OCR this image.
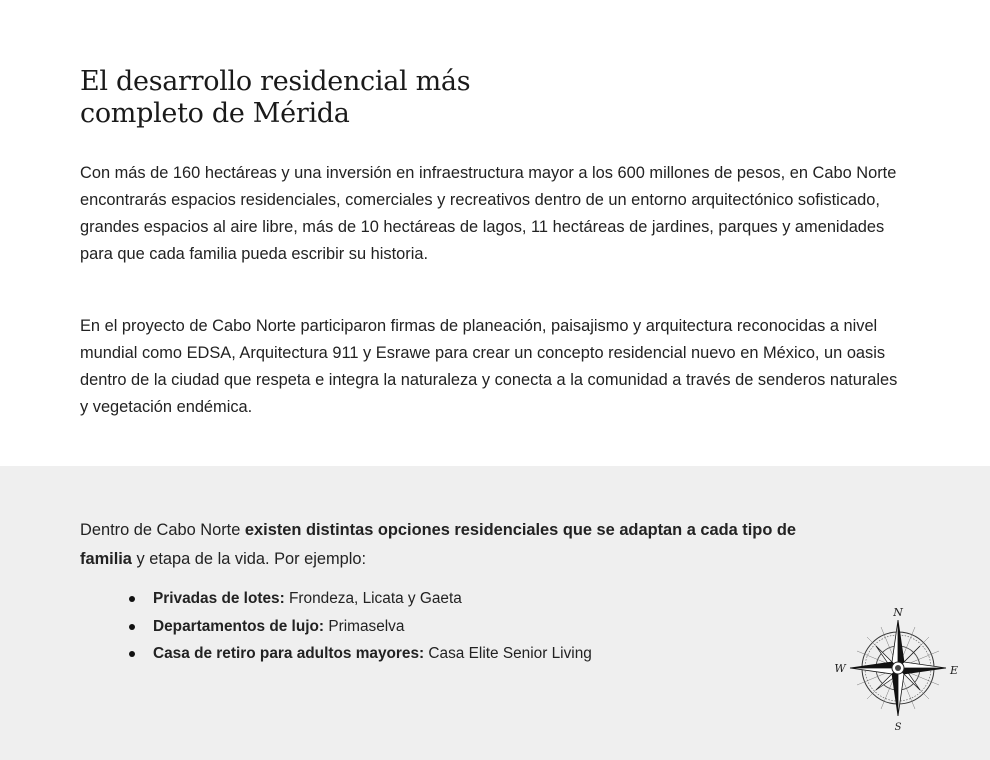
El desarrollo residencial más
completo de Mérida

Con más de 160 hectáreas y una inversión en infraestructura mayor a los 600 millones de pesos, en Cabo Norte encontrarás espacios residenciales, comerciales y recreativos dentro de un entorno arquitectónico sofisticado, grandes espacios al aire libre, más de 10 hectáreas de lagos, 11 hectáreas de jardines, parques y amenidades para que cada familia pueda escribir su historia.

En el proyecto de Cabo Norte participaron firmas de planeación, paisajismo y arquitectura reconocidas a nivel mundial como EDSA, Arquitectura 911 y Esrawe para crear un concepto residencial nuevo en México, un oasis dentro de la ciudad que respeta e integra la naturaleza y conecta a la comunidad a través de senderos naturales y vegetación endémica.

Dentro de Cabo Norte existen distintas opciones residenciales que se adaptan a cada tipo de familia y etapa de la vida. Por ejemplo:

Privadas de lotes: Frondeza, Licata y Gaeta
Departamentos de lujo: Primaselva
Casa de retiro para adultos mayores: Casa Elite Senior Living
N
E
S
W
